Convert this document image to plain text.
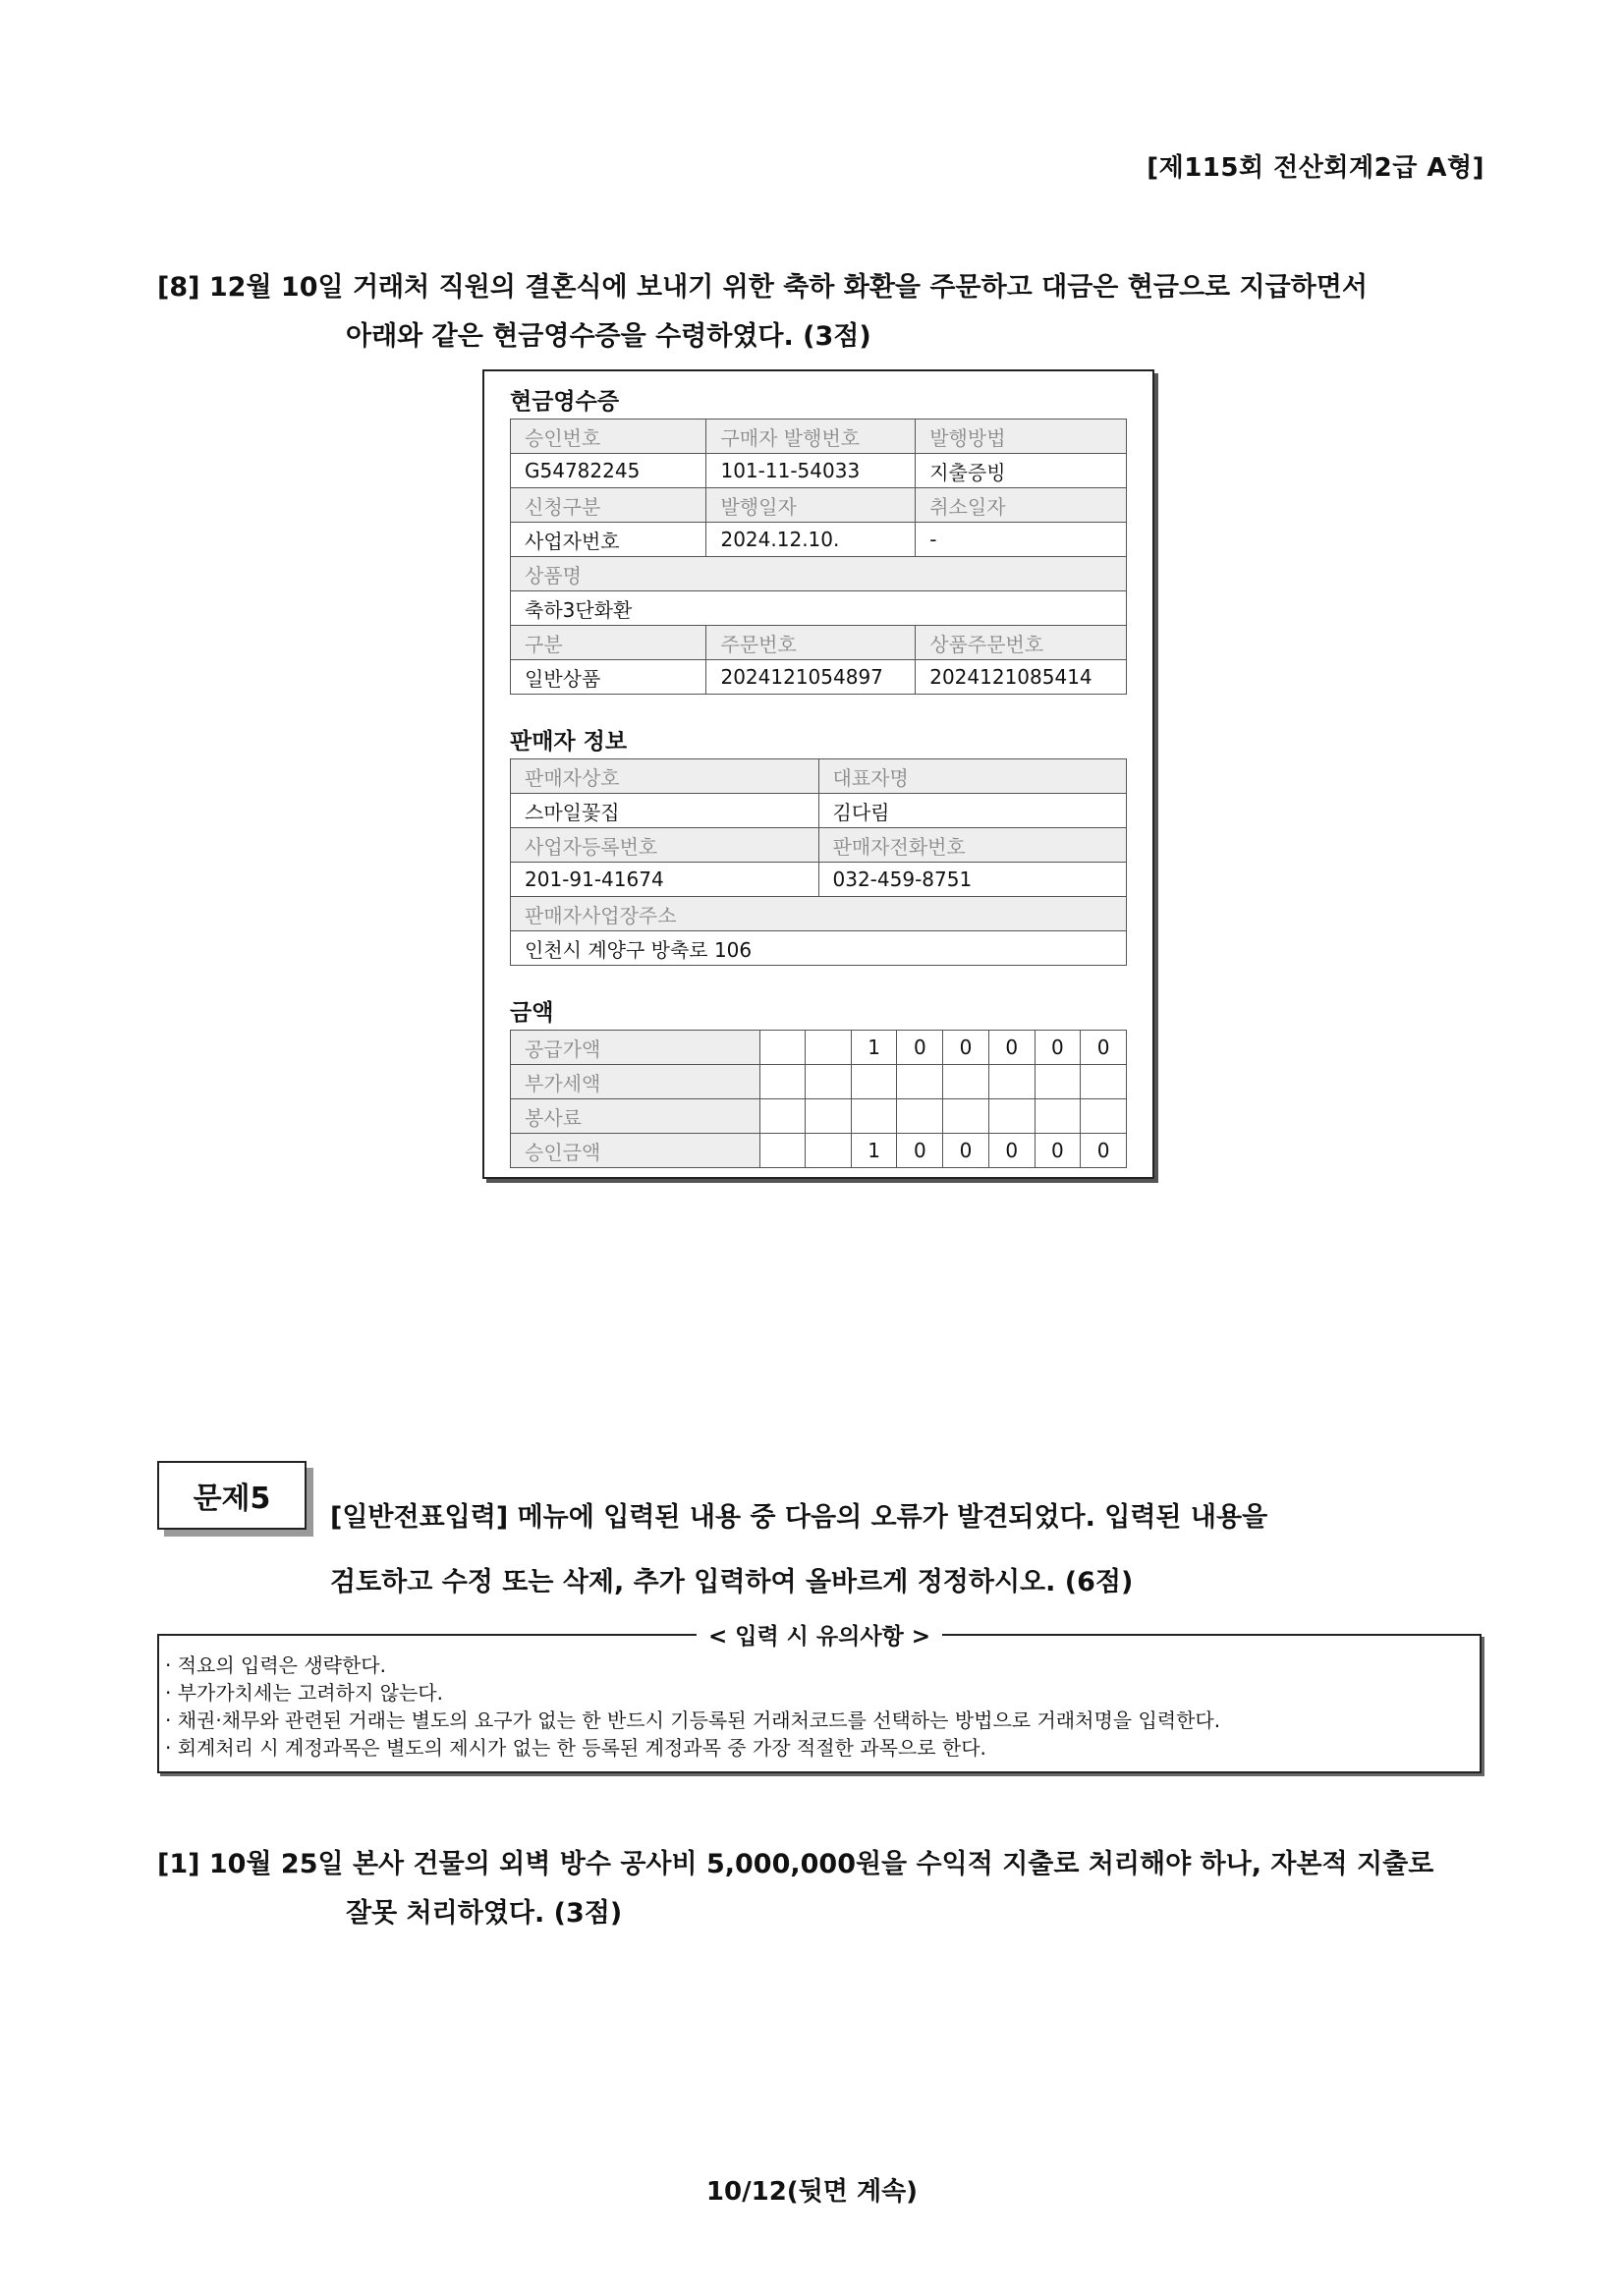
[제115회 전산회계2급 A형]
[8] 12월 10일 거래처 직원의 결혼식에 보내기 위한 축하 화환을 주문하고 대금은 현금으로 지급하면서
아래와 같은 현금영수증을 수령하였다. (3점)
현금영수증
승인번호	구매자 발행번호	발행방법
G54782245	101-11-54033	지출증빙
신청구분	발행일자	취소일자
사업자번호	2024.12.10.	-
상품명		
축하3단화환		
구분	주문번호	상품주문번호
일반상품	2024121054897	2024121085414
판매자 정보
판매자상호	대표자명
스마일꽃집	김다림
사업자등록번호	판매자전화번호
201-91-41674	032-459-8751
판매자사업장주소	
인천시 계양구 방축로 106	
금액
공급가액			1	0	0	0	0	0
부가세액								
봉사료								
승인금액			1	0	0	0	0	0
문제5
[일반전표입력] 메뉴에 입력된 내용 중 다음의 오류가 발견되었다. 입력된 내용을
검토하고 수정 또는 삭제, 추가 입력하여 올바르게 정정하시오. (6점)
< 입력 시 유의사항 >
· 적요의 입력은 생략한다.
· 부가가치세는 고려하지 않는다.
· 채권·채무와 관련된 거래는 별도의 요구가 없는 한 반드시 기등록된 거래처코드를 선택하는 방법으로 거래처명을 입력한다.
· 회계처리 시 계정과목은 별도의 제시가 없는 한 등록된 계정과목 중 가장 적절한 과목으로 한다.
[1] 10월 25일 본사 건물의 외벽 방수 공사비 5,000,000원을 수익적 지출로 처리해야 하나, 자본적 지출로
잘못 처리하였다. (3점)
10/12(뒷면 계속)
